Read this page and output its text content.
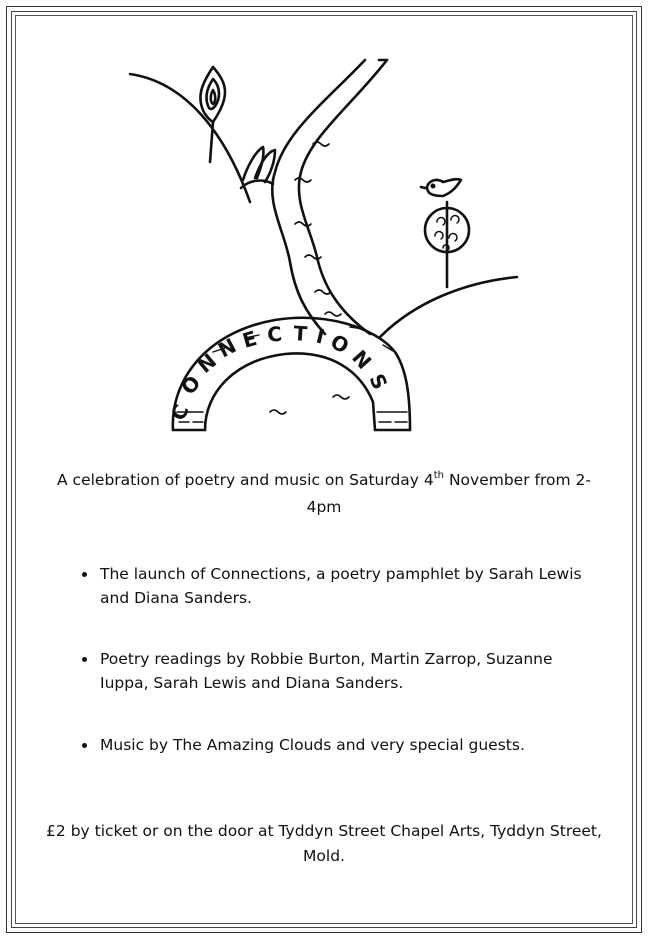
C
O
N
N E C T I O
N
S
A celebration of poetry and music on Saturday 4th November from 2- 4pm
• The launch of Connections, a poetry pamphlet by Sarah Lewis and Diana Sanders.
• Poetry readings by Robbie Burton, Martin Zarrop, Suzanne Iuppa, Sarah Lewis and Diana Sanders.
• Music by The Amazing Clouds and very special guests.
£2 by ticket or on the door at Tyddyn Street Chapel Arts, Tyddyn Street, Mold.
